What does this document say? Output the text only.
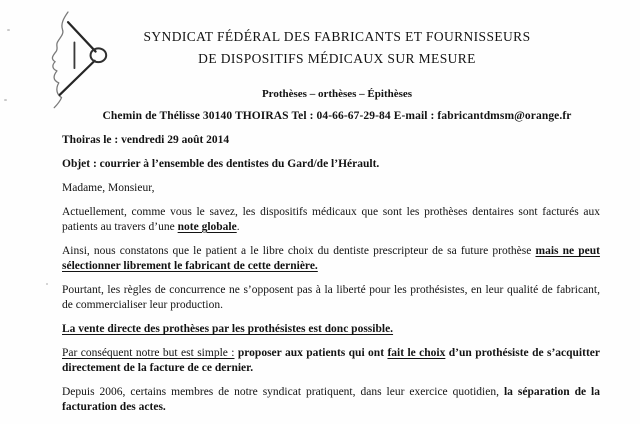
SYNDICAT FÉDÉRAL DES FABRICANTS ET FOURNISSEURS
DE DISPOSITIFS MÉDICAUX SUR MESURE
Prothèses – orthèses – Épithèses
Chemin de Thélisse 30140 THOIRAS Tel : 04-66-67-29-84 E-mail : fabricantdmsm@orange.fr

Thoiras le : vendredi 29 août 2014

Objet : courrier à l’ensemble des dentistes du Gard/de l’Hérault.

Madame, Monsieur,

Actuellement, comme vous le savez, les dispositifs médicaux que sont les prothèses dentaires sont facturés aux patients au travers d’une note globale.

Ainsi, nous constatons que le patient a le libre choix du dentiste prescripteur de sa future prothèse mais ne peut sélectionner librement le fabricant de cette dernière.

Pourtant, les règles de concurrence ne s’opposent pas à la liberté pour les prothésistes, en leur qualité de fabricant, de commercialiser leur production.

La vente directe des prothèses par les prothésistes est donc possible.

Par conséquent notre but est simple : proposer aux patients qui ont fait le choix d’un prothésiste de s’acquitter directement de la facture de ce dernier.

Depuis 2006, certains membres de notre syndicat pratiquent, dans leur exercice quotidien, la séparation de la facturation des actes.
